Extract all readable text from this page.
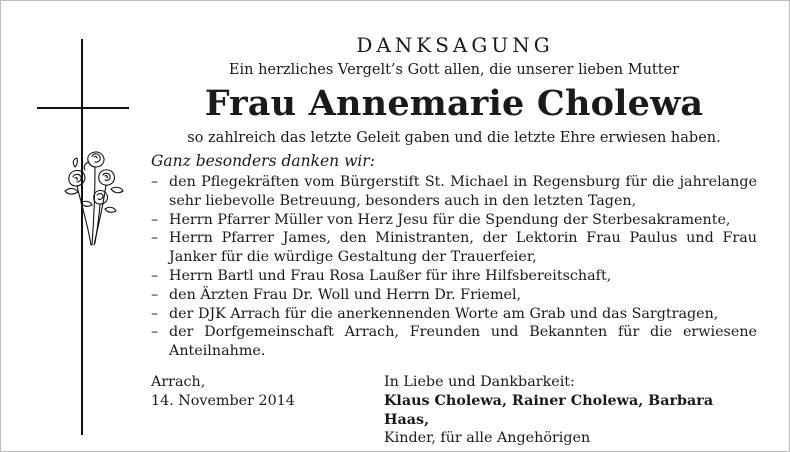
DANKSAGUNG

Ein herzliches Vergelt’s Gott allen, die unserer lieben Mutter

Frau Annemarie Cholewa

so zahlreich das letzte Geleit gaben und die letzte Ehre erwiesen haben.

Ganz besonders danken wir:

– den Pflegekräften vom Bürgerstift St. Michael in Regensburg für die jahrelange sehr liebevolle Betreuung, besonders auch in den letzten Tagen,
– Herrn Pfarrer Müller von Herz Jesu für die Spendung der Sterbesakramente,
– Herrn Pfarrer James, den Ministranten, der Lektorin Frau Paulus und Frau Janker für die würdige Gestaltung der Trauerfeier,
– Herrn Bartl und Frau Rosa Laußer für ihre Hilfsbereitschaft,
– den Ärzten Frau Dr. Woll und Herrn Dr. Friemel,
– der DJK Arrach für die anerkennenden Worte am Grab und das Sargtragen,
– der Dorfgemeinschaft Arrach, Freunden und Bekannten für die erwiesene Anteilnahme.
Arrach,
14. November 2014
In Liebe und Dankbarkeit:
Klaus Cholewa, Rainer Cholewa, Barbara Haas,
Kinder, für alle Angehörigen
